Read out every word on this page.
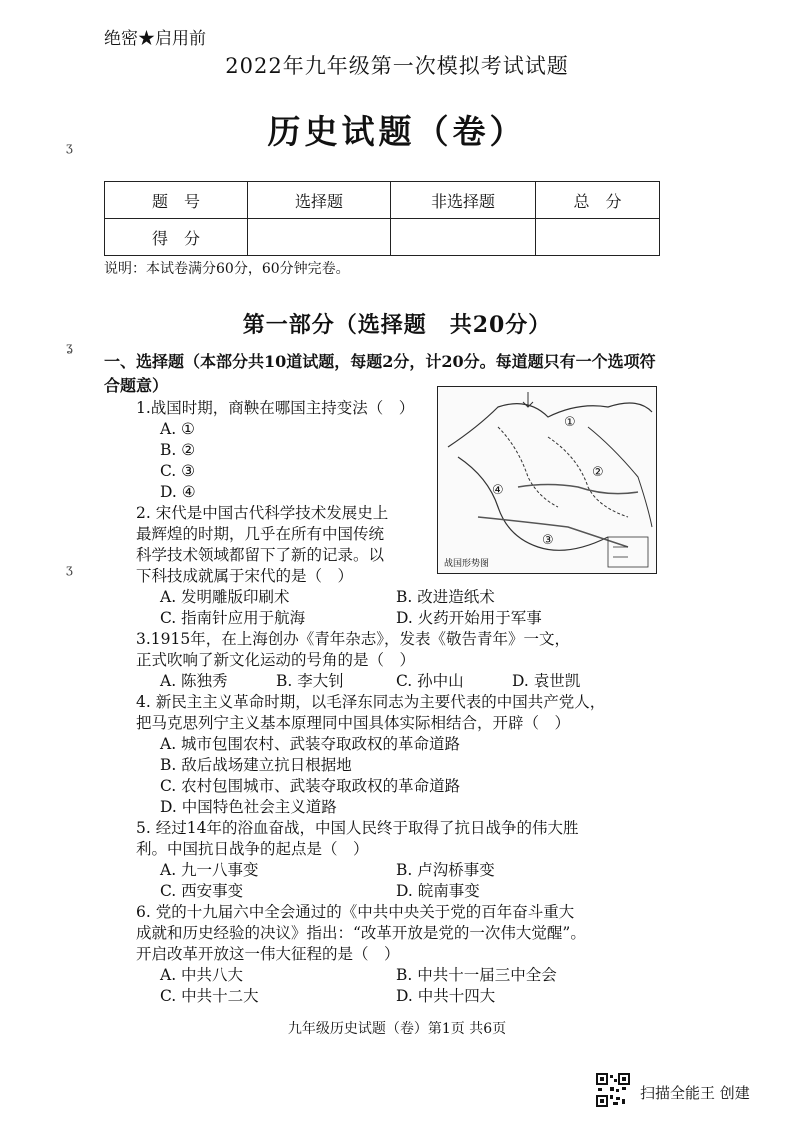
绝密★启用前
2022年九年级第一次模拟考试试题
历史试题（卷）
题　号	选择题	非选择题	总　分
得　分			
说明：本试卷满分60分，60分钟完卷。
第一部分（选择题　共20分）
一、选择题（本部分共10道试题，每题2分，计20分。每道题只有一个选项符合题意）
ʒ
ʓ
ʒ
①
②
③
④
战国形势图
1.战国时期，商鞅在哪国主持变法（　）
A. ①
B. ②
C. ③
D. ④
2. 宋代是中国古代科学技术发展史上
最辉煌的时期，几乎在所有中国传统
科学技术领域都留下了新的记录。以
下科技成就属于宋代的是（　）
A. 发明雕版印刷术	B. 改进造纸术
C. 指南针应用于航海	D. 火药开始用于军事
3.1915年，在上海创办《青年杂志》，发表《敬告青年》一文，
正式吹响了新文化运动的号角的是（　）
A. 陈独秀	B. 李大钊	C. 孙中山	D. 袁世凯
4. 新民主主义革命时期，以毛泽东同志为主要代表的中国共产党人，
把马克思列宁主义基本原理同中国具体实际相结合，开辟（　）
A. 城市包围农村、武装夺取政权的革命道路
B. 敌后战场建立抗日根据地
C. 农村包围城市、武装夺取政权的革命道路
D. 中国特色社会主义道路
5. 经过14年的浴血奋战，中国人民终于取得了抗日战争的伟大胜
利。中国抗日战争的起点是（　）
A. 九一八事变	B. 卢沟桥事变
C. 西安事变	D. 皖南事变
6. 党的十九届六中全会通过的《中共中央关于党的百年奋斗重大
成就和历史经验的决议》指出：“改革开放是党的一次伟大觉醒”。
开启改革开放这一伟大征程的是（　）
A. 中共八大	B. 中共十一届三中全会
C. 中共十二大	D. 中共十四大
九年级历史试题（卷）第1页 共6页
扫描全能王 创建
